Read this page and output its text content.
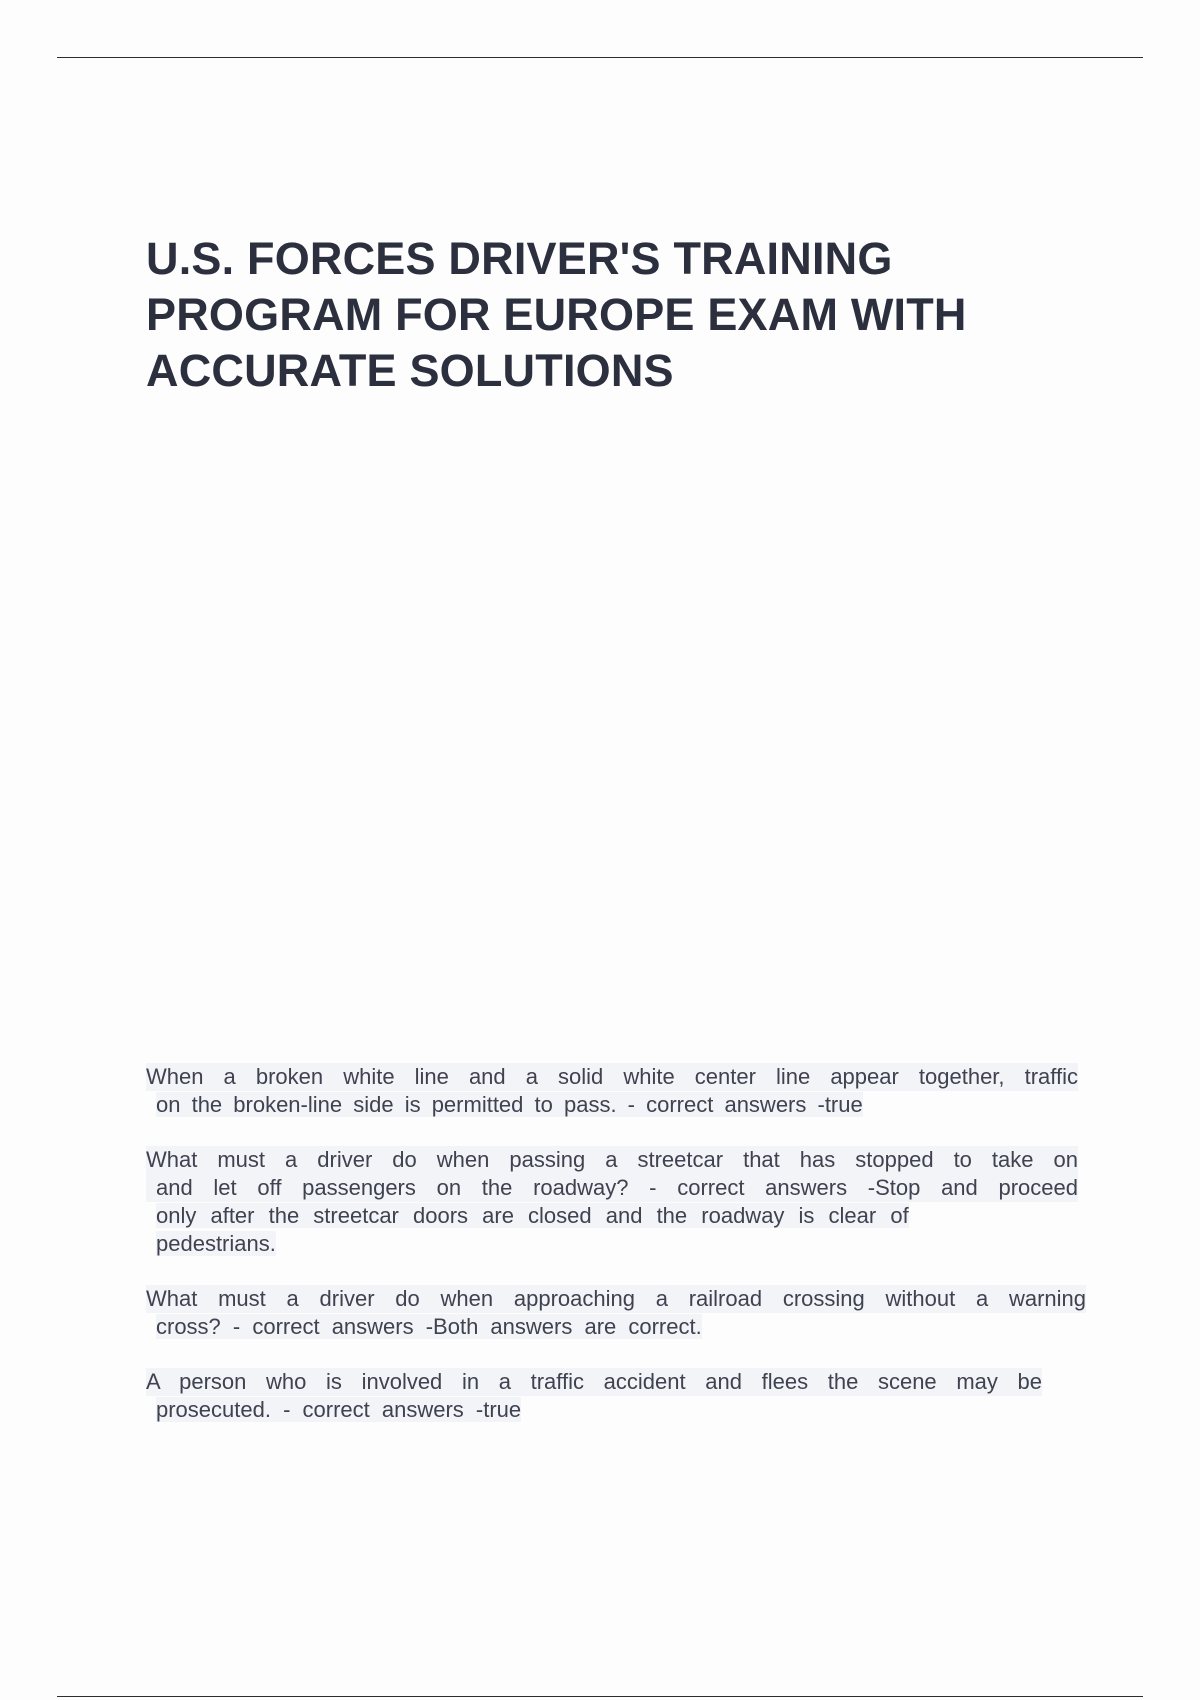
U.S. FORCES DRIVER'S TRAINING
PROGRAM FOR EUROPE EXAM WITH
ACCURATE SOLUTIONS

When a broken white line and a solid white center line appear together, traffic
on the broken-line side is permitted to pass. - correct answers -true

What must a driver do when passing a streetcar that has stopped to take on
and let off passengers on the roadway? - correct answers -Stop and proceed
only after the streetcar doors are closed and the roadway is clear of
pedestrians.

What must a driver do when approaching a railroad crossing without a warning
cross? - correct answers -Both answers are correct.

A person who is involved in a traffic accident and flees the scene may be
prosecuted. - correct answers -true
